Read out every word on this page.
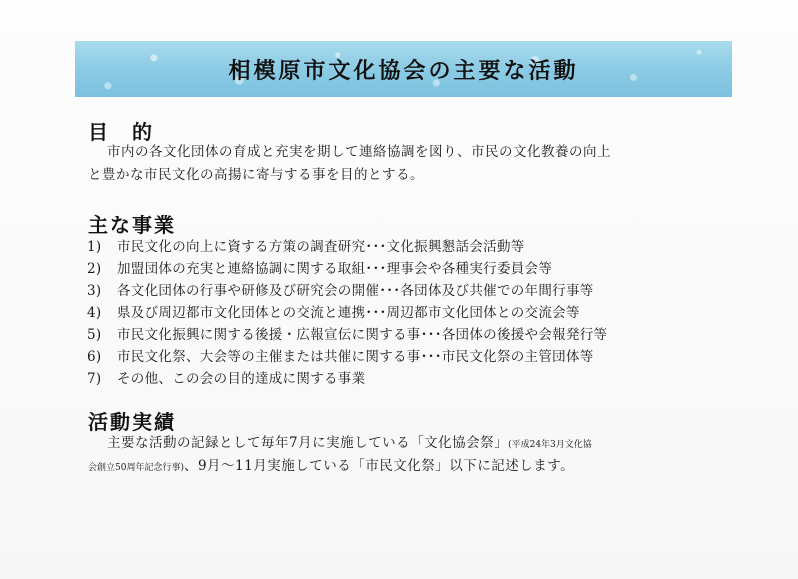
相模原市文化協会の主要な活動
目　的
市内の各文化団体の育成と充実を期して連絡協調を図り、市民の文化教養の向上
と豊かな市民文化の高揚に寄与する事を目的とする。
主な事業
1) 市民文化の向上に資する方策の調査研究･･･文化振興懇話会活動等
2) 加盟団体の充実と連絡協調に関する取組･･･理事会や各種実行委員会等
3) 各文化団体の行事や研修及び研究会の開催･･･各団体及び共催での年間行事等
4) 県及び周辺都市文化団体との交流と連携･･･周辺都市文化団体との交流会等
5) 市民文化振興に関する後援・広報宣伝に関する事･･･各団体の後援や会報発行等
6) 市民文化祭、大会等の主催または共催に関する事･･･市民文化祭の主管団体等
7) その他、この会の目的達成に関する事業
活動実績
主要な活動の記録として毎年7月に実施している「文化協会祭」(平成24年3月文化協
会創立50周年記念行事)、9月～11月実施している「市民文化祭」以下に記述します。
